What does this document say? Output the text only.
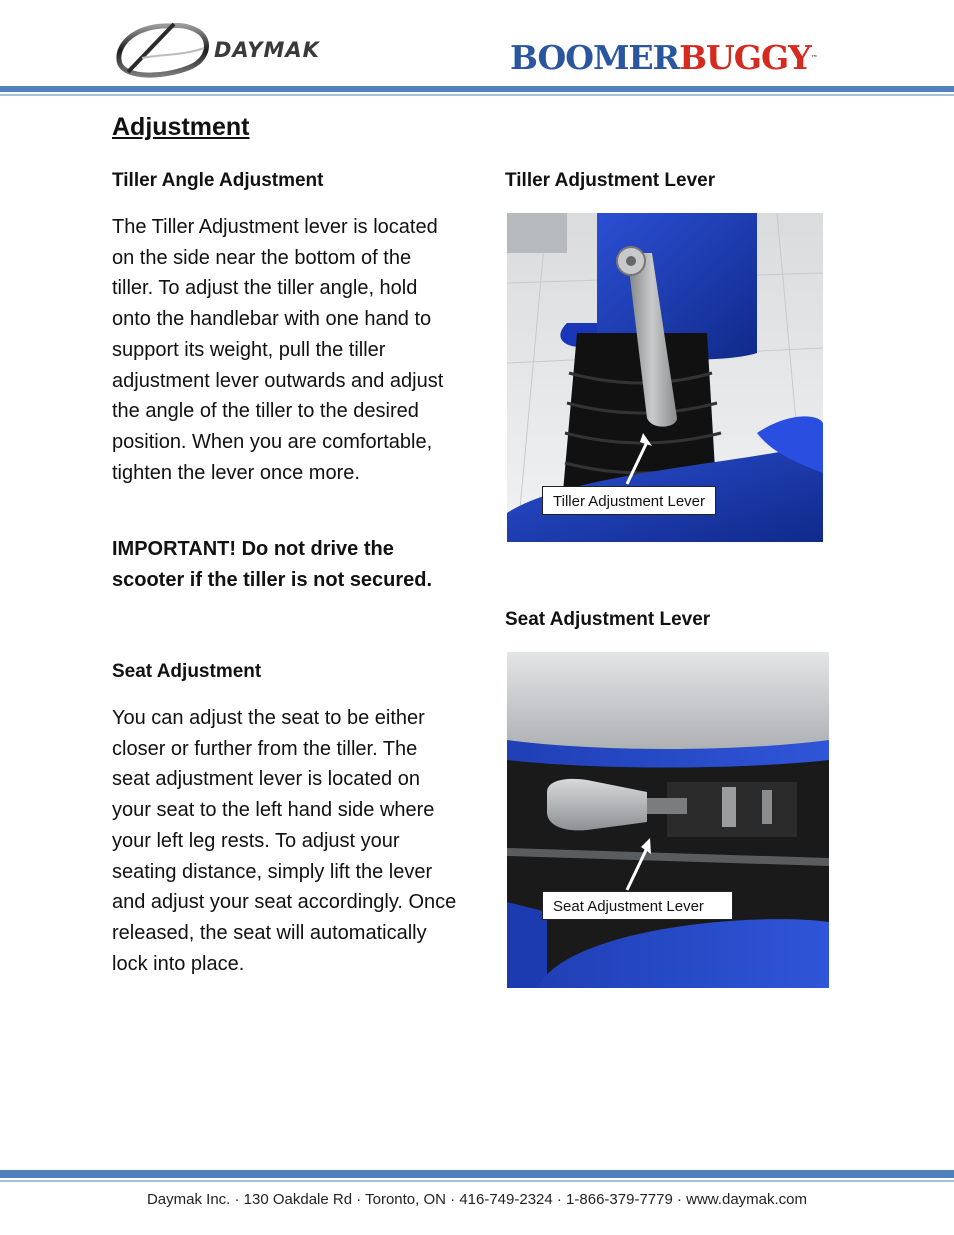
DAYMAK	BOOMERBUGGY™
Adjustment
Tiller Angle Adjustment

The Tiller Adjustment lever is located on the side near the bottom of the tiller. To adjust the tiller angle, hold onto the handlebar with one hand to support its weight, pull the tiller adjustment lever outwards and adjust the angle of the tiller to the desired position. When you are comfortable, tighten the lever once more.

IMPORTANT! Do not drive the scooter if the tiller is not secured.

Seat Adjustment

You can adjust the seat to be either closer or further from the tiller. The seat adjustment lever is located on your seat to the left hand side where your left leg rests. To adjust your seating distance, simply lift the lever and adjust your seat accordingly. Once released, the seat will automatically lock into place.

Tiller Adjustment Lever
Tiller Adjustment Lever
Seat Adjustment Lever
Seat Adjustment Lever
Daymak Inc. · 130 Oakdale Rd · Toronto, ON · 416-749-2324 · 1-866-379-7779 · www.daymak.com
